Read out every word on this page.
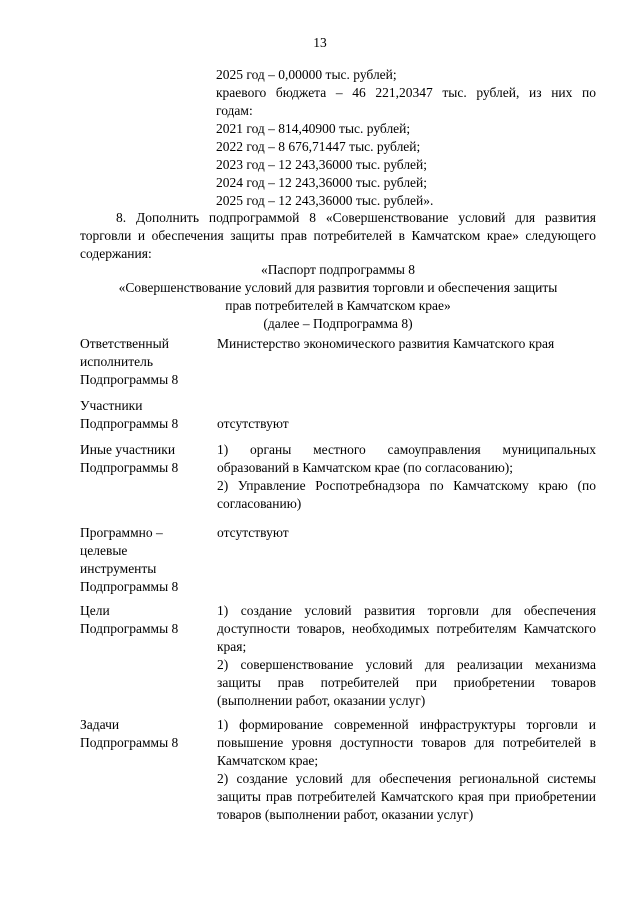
13
2025 год – 0,00000 тыс. рублей;
краевого бюджета – 46 221,20347 тыс. рублей, из них по
годам:
2021 год – 814,40900 тыс. рублей;
2022 год – 8 676,71447 тыс. рублей;
2023 год – 12 243,36000 тыс. рублей;
2024 год – 12 243,36000 тыс. рублей;
2025 год – 12 243,36000 тыс. рублей».
8. Дополнить подпрограммой 8 «Совершенствование условий для развития торговли и обеспечения защиты прав потребителей в Камчатском крае» следующего содержания:
«Паспорт подпрограммы 8
«Совершенствование условий для развития торговли и обеспечения защиты
прав потребителей в Камчатском крае»
(далее – Подпрограмма 8)
Ответственный
исполнитель
Подпрограммы 8
Министерство экономического развития Камчатского края
Участники
Подпрограммы 8	отсутствуют
Иные участники
Подпрограммы 8
1) органы местного самоуправления муниципальных образований в Камчатском крае (по согласованию);
2) Управление Роспотребнадзора по Камчатскому краю (по согласованию)
Программно –
целевые
инструменты
Подпрограммы 8
отсутствуют
Цели
Подпрограммы 8
1) создание условий развития торговли для обеспечения доступности товаров, необходимых потребителям Камчатского края;
2) совершенствование условий для реализации механизма защиты прав потребителей при приобретении товаров (выполнении работ, оказании услуг)
Задачи
Подпрограммы 8
1) формирование современной инфраструктуры торговли и повышение уровня доступности товаров для потребителей в Камчатском крае;
2) создание условий для обеспечения региональной системы защиты прав потребителей Камчатского края при приобретении товаров (выполнении работ, оказании услуг)
